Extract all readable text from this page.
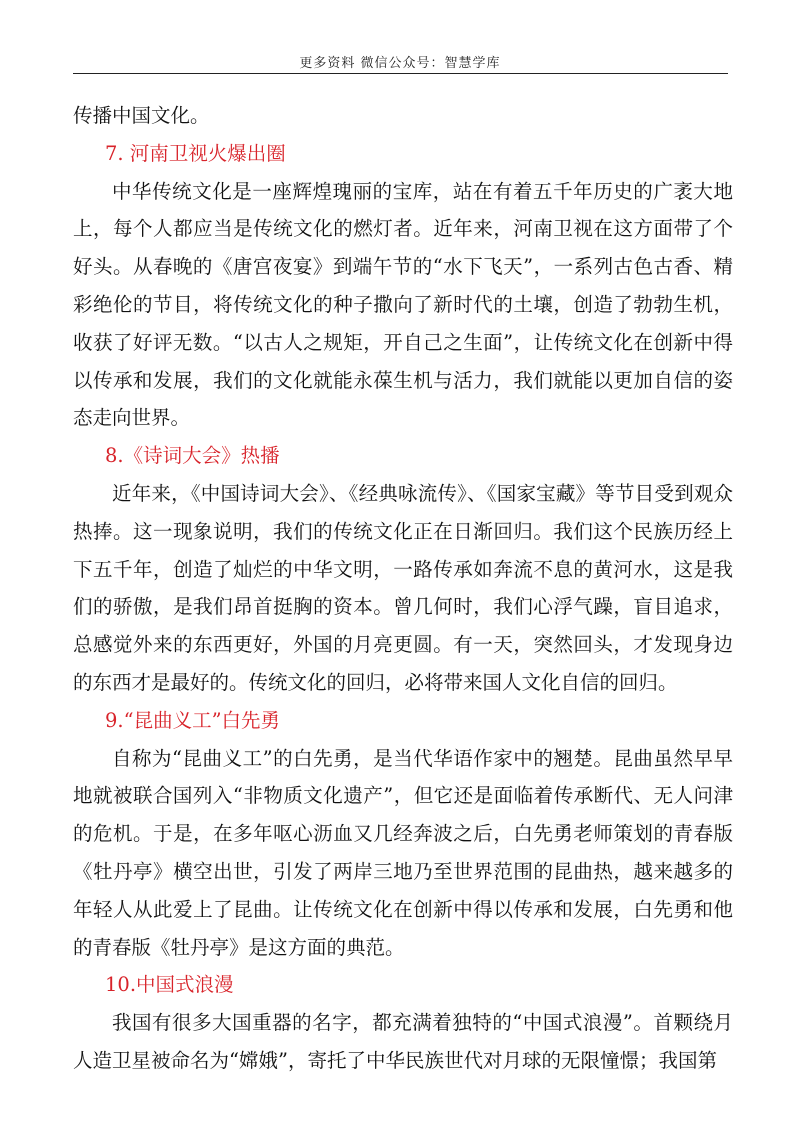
更多资料 微信公众号：智慧学库

传播中国文化。

7. 河南卫视火爆出圈

中华传统文化是一座辉煌瑰丽的宝库，站在有着五千年历史的广袤大地上，每个人都应当是传统文化的燃灯者。近年来，河南卫视在这方面带了个好头。从春晚的《唐宫夜宴》到端午节的“水下飞天”，一系列古色古香、精彩绝伦的节目，将传统文化的种子撒向了新时代的土壤，创造了勃勃生机，收获了好评无数。“以古人之规矩，开自己之生面”，让传统文化在创新中得以传承和发展，我们的文化就能永葆生机与活力，我们就能以更加自信的姿态走向世界。

8.《诗词大会》热播

近年来，《中国诗词大会》、《经典咏流传》、《国家宝藏》等节目受到观众热捧。这一现象说明，我们的传统文化正在日渐回归。我们这个民族历经上下五千年，创造了灿烂的中华文明，一路传承如奔流不息的黄河水，这是我们的骄傲，是我们昂首挺胸的资本。曾几何时，我们心浮气躁，盲目追求，总感觉外来的东西更好，外国的月亮更圆。有一天，突然回头，才发现身边的东西才是最好的。传统文化的回归，必将带来国人文化自信的回归。

9.“昆曲义工”白先勇

自称为“昆曲义工”的白先勇，是当代华语作家中的翘楚。昆曲虽然早早地就被联合国列入“非物质文化遗产”，但它还是面临着传承断代、无人问津的危机。于是，在多年呕心沥血又几经奔波之后，白先勇老师策划的青春版《牡丹亭》横空出世，引发了两岸三地乃至世界范围的昆曲热，越来越多的年轻人从此爱上了昆曲。让传统文化在创新中得以传承和发展，白先勇和他的青春版《牡丹亭》是这方面的典范。

10.中国式浪漫

我国有很多大国重器的名字，都充满着独特的“中国式浪漫”。首颗绕月人造卫星被命名为“嫦娥”，寄托了中华民族世代对月球的无限憧憬；我国第
